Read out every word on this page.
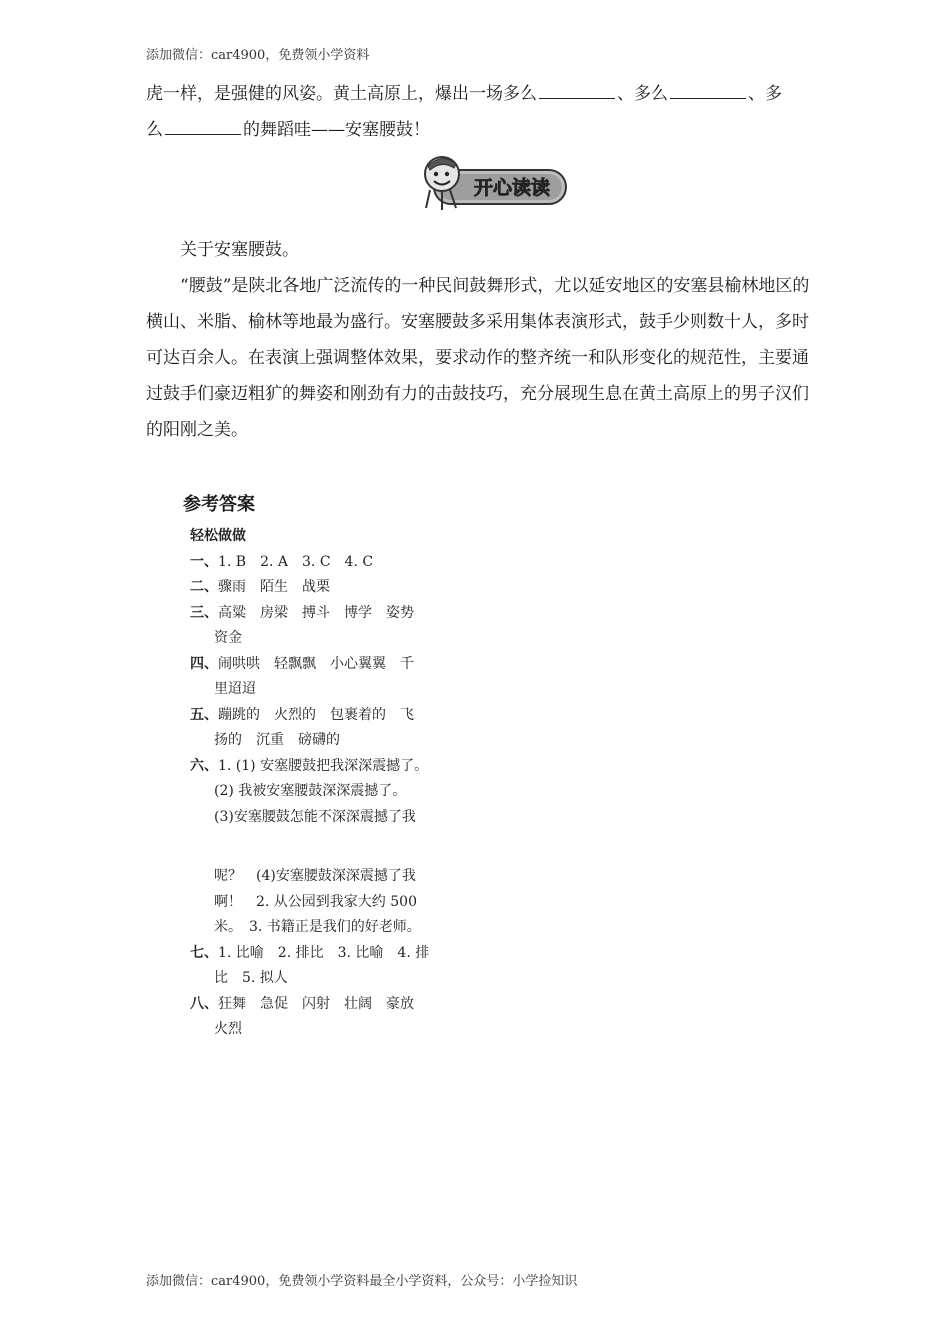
添加微信：car4900，免费领小学资料
虎一样，是强健的风姿。黄土高原上，爆出一场多么	、多么	、多
么	的舞蹈哇——安塞腰鼓！
开心读读

关于安塞腰鼓。

“腰鼓”是陕北各地广泛流传的一种民间鼓舞形式，尤以延安地区的安塞县榆林地区的横山、米脂、榆林等地最为盛行。安塞腰鼓多采用集体表演形式，鼓手少则数十人，多时可达百余人。在表演上强调整体效果，要求动作的整齐统一和队形变化的规范性，主要通过鼓手们豪迈粗犷的舞姿和刚劲有力的击鼓技巧，充分展现生息在黄土高原上的男子汉们的阳刚之美。

参考答案
轻松做做
一、1. B　2. A　3. C　4. C
二、骤雨　陌生　战栗
三、高粱　房梁　搏斗　博学　姿势
资金
四、闹哄哄　轻飘飘　小心翼翼　千
里迢迢
五、蹦跳的　火烈的　包裹着的　飞
扬的　沉重　磅礴的
六、1. (1) 安塞腰鼓把我深深震撼了。
(2) 我被安塞腰鼓深深震撼了。
(3)安塞腰鼓怎能不深深震撼了我
呢？　(4)安塞腰鼓深深震撼了我
啊！　2. 从公园到我家大约 500
米。　3. 书籍正是我们的好老师。
七、1. 比喻　2. 排比　3. 比喻　4. 排
比　5. 拟人
八、狂舞　急促　闪射　壮阔　豪放
火烈
添加微信：car4900，免费领小学资料最全小学资料，公众号：小学捡知识
